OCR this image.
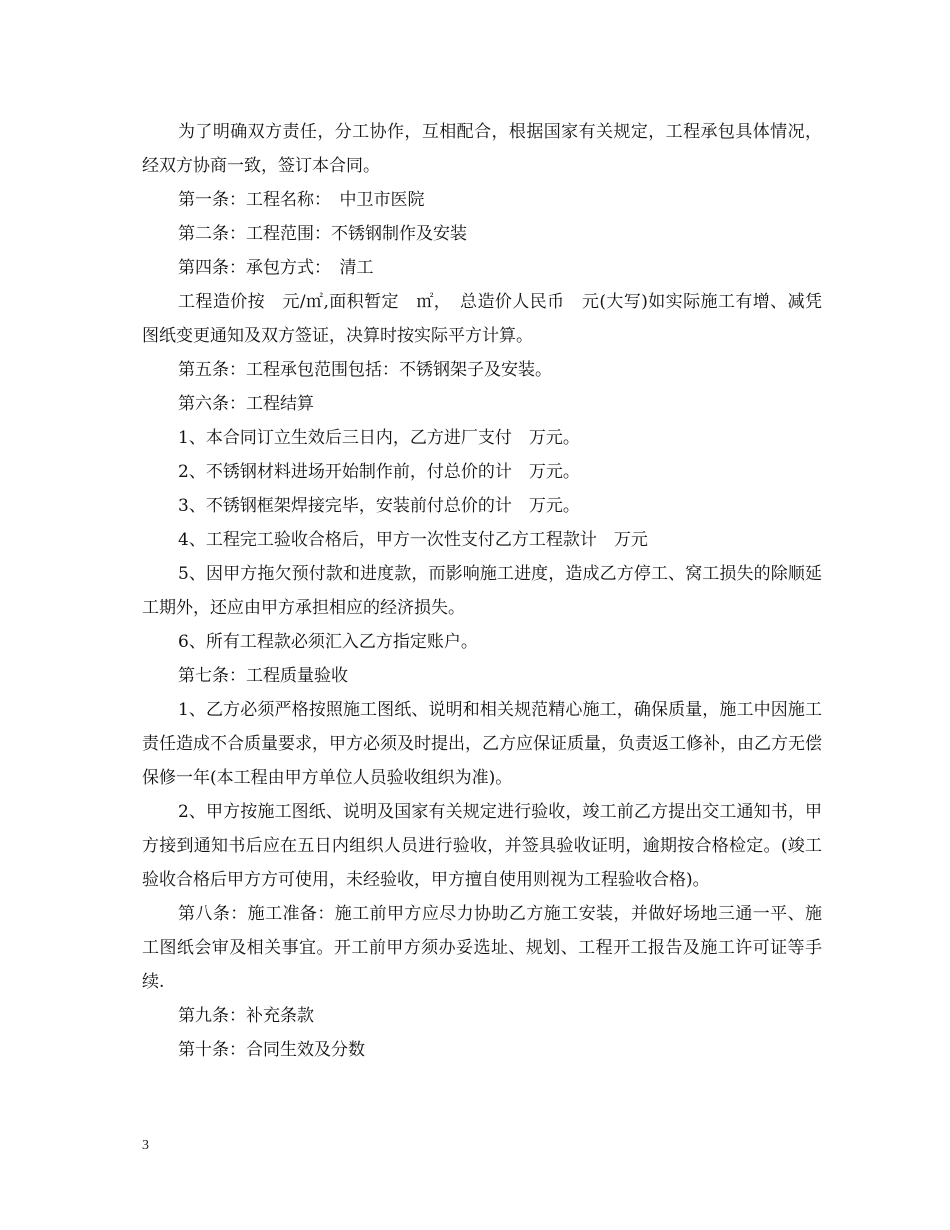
为了明确双方责任，分工协作，互相配合，根据国家有关规定，工程承包具体情况，经双方协商一致，签订本合同。

第一条：工程名称：　中卫市医院

第二条：工程范围：不锈钢制作及安装

第四条：承包方式：　清工

工程造价按　元/㎡,面积暂定　㎡，　总造价人民币　元(大写)如实际施工有增、减凭图纸变更通知及双方签证，决算时按实际平方计算。

第五条：工程承包范围包括：不锈钢架子及安装。

第六条：工程结算

1、本合同订立生效后三日内，乙方进厂支付　万元。

2、不锈钢材料进场开始制作前，付总价的计　万元。

3、不锈钢框架焊接完毕，安装前付总价的计　万元。

4、工程完工验收合格后，甲方一次性支付乙方工程款计　万元

5、因甲方拖欠预付款和进度款，而影响施工进度，造成乙方停工、窝工损失的除顺延工期外，还应由甲方承担相应的经济损失。

6、所有工程款必须汇入乙方指定账户。

第七条：工程质量验收

1、乙方必须严格按照施工图纸、说明和相关规范精心施工，确保质量，施工中因施工责任造成不合质量要求，甲方必须及时提出，乙方应保证质量，负责返工修补，由乙方无偿保修一年(本工程由甲方单位人员验收组织为准)。

2、甲方按施工图纸、说明及国家有关规定进行验收，竣工前乙方提出交工通知书，甲方接到通知书后应在五日内组织人员进行验收，并签具验收证明，逾期按合格检定。(竣工验收合格后甲方方可使用，未经验收，甲方擅自使用则视为工程验收合格)。

第八条：施工准备：施工前甲方应尽力协助乙方施工安装，并做好场地三通一平、施工图纸会审及相关事宜。开工前甲方须办妥选址、规划、工程开工报告及施工许可证等手续.

第九条：补充条款

第十条：合同生效及分数

3
